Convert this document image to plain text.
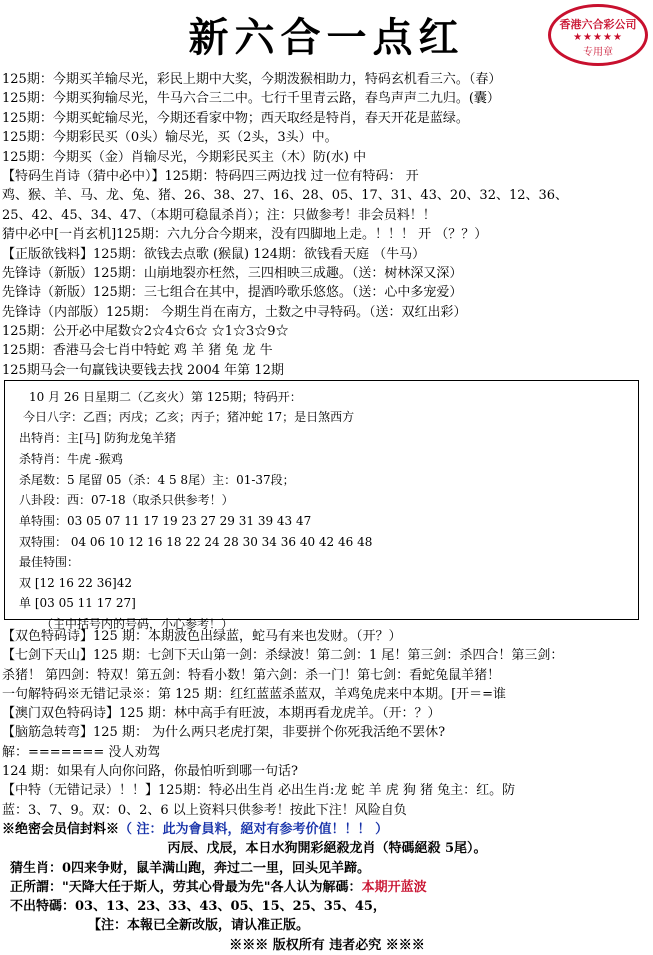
新六合一点红	香港六合彩公司
★★★★★
专用章
125期：今期买羊输尽光，彩民上期中大奖，今期泼猴相助力，特码玄机看三六。（春）
125期：今期买狗输尽光，牛马六合三二中。七行千里青云路，春鸟声声二九归。(囊）
125期：今期买蛇输尽光，今期还看家中物；西天取经是特肖，春天开花是蓝绿。
125期：今期彩民买（0头）输尽光，买（2头，3头）中。
125期：今期买（金）肖输尽光，今期彩民买主（木）防(水) 中
【特码生肖诗（猜中必中）】125期：特码四三两边找 过一位有特码： 开
鸡、猴、羊、马、龙、兔、猪、26、38、27、16、28、05、17、31、43、20、32、12、36、
25、42、45、34、47、（本期可稳鼠杀肖）；注：只做参考！非会员料！！
猜中必中[一肖玄机]125期：六九分合今期来，没有四脚地上走。！！！ 开 （？？）
【正版欲钱料】125期：欲钱去点歌 (猴鼠) 124期：欲钱看天庭 （牛马）
先锋诗（新版）125期：山崩地裂亦枉然，三四相映三成趣。（送：树林深又深）
先锋诗（新版）125期：三七组合在其中，提酒吟歌乐悠悠。（送：心中多宠爱）
先锋诗（内部版）125期： 今期生肖在南方，土数之中寻特码。（送：双红出彩）
125期：公开必中尾数☆2☆4☆6☆ ☆1☆3☆9☆
125期：香港马会七肖中特蛇 鸡 羊 猪 兔 龙 牛
125期马会一句赢钱诀要钱去找 2004 年第 12期
10 月 26 日星期二（乙亥火）第 125期；特码开：
今日八字：乙酉；丙戌；乙亥；丙子；猪冲蛇 17；是日煞西方
出特肖：主[马] 防狗龙兔羊猪
杀特肖：牛虎 -猴鸡
杀尾数：5 尾留 05（杀：4 5 8尾）主：01-37段；
八卦段：西：07-18（取杀只供参考！）
单特围：03 05 07 11 17 19 23 27 29 31 39 43 47
双特围： 04 06 10 12 16 18 22 24 28 30 34 36 40 42 46 48
最佳特围：
双 [12 16 22 36]42
单 [03 05 11 17 27]
（主中括号内的号码，小心参考！）
【双色特码诗】125 期：本期波色出绿蓝，蛇马有来也发财。（开？）
【七剑下天山】125 期：七剑下天山第一剑：杀绿波！第二剑：1 尾！第三剑：杀四合！第三剑：
杀猪！ 第四剑：特双！第五剑：特看小数！第六剑：杀一门！第七剑：看蛇兔鼠羊猪！
一句解特码※无错记录※：第 125 期：红红蓝蓝杀蓝双，羊鸡兔虎来中本期。[开＝=谁
【澳门双色特码诗】125 期：林中高手有旺波，本期再看龙虎羊。（开：？）
【脑筋急转弯】125 期： 为什么两只老虎打架，非要拼个你死我活绝不罢休?
解：======= 没人劝驾
124 期：如果有人向你问路，你最怕听到哪一句话?
【中特（无错记录）！！】125期：特必出生肖 必出生肖:龙 蛇 羊 虎 狗 猪 兔主：红。防
蓝：3、7、9。双：0、2、6 以上资料只供参考！按此下注！风险自负
※绝密会员信封料※（ 注：此为會員料，絕对有参考价值！！！ ）
丙辰、戊辰，本日水狗開彩絕殺龙肖（特碼絕殺 5尾）。
猜生肖：0四来争财，鼠羊满山跑，奔过二一里，回头见羊蹄。
正所謂："天降大任于斯人，劳其心骨最为先"各人认为解碼：本期开蓝波
不出特碼：03、13、23、33、43、05、15、25、35、45，
【注：本報已全新改版，请认准正版。
※※※ 版权所有 违者必究 ※※※
